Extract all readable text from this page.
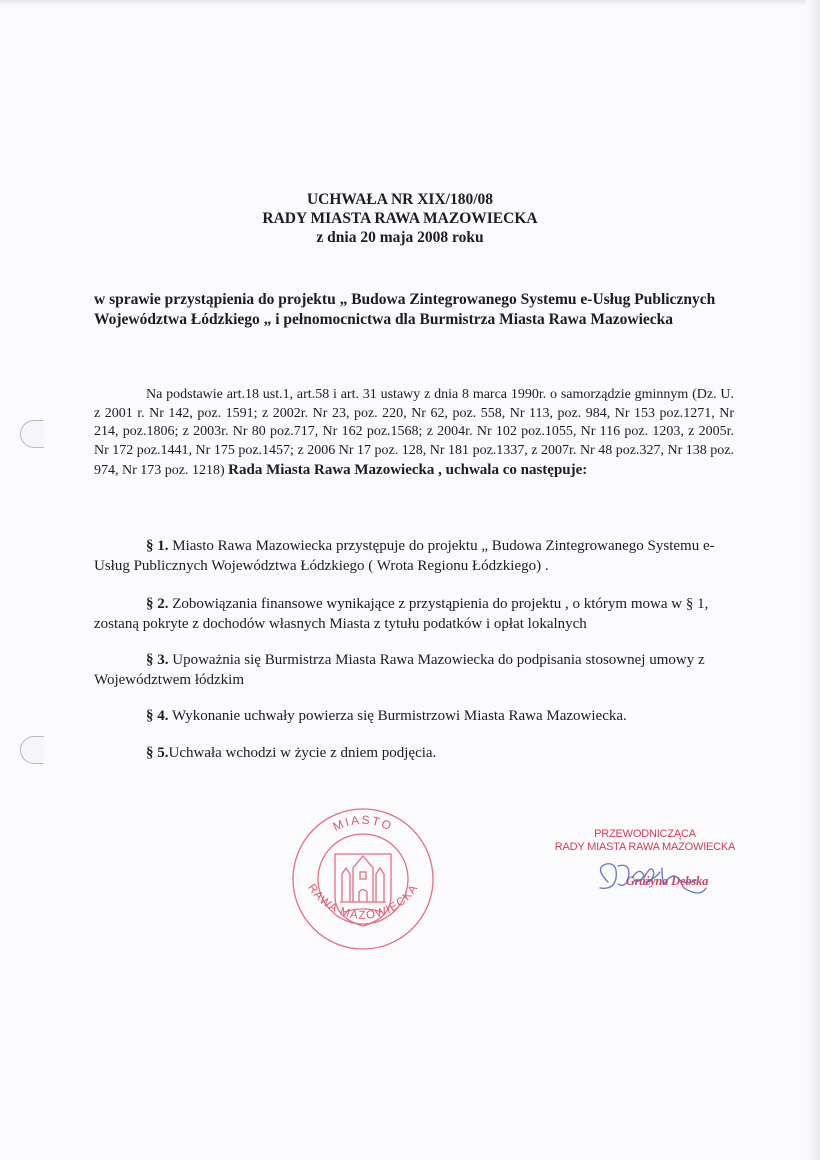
UCHWAŁA NR XIX/180/08
RADY MIASTA RAWA MAZOWIECKA
z dnia 20 maja 2008 roku
w sprawie przystąpienia do projektu „ Budowa Zintegrowanego Systemu e-Usług Publicznych Województwa Łódzkiego „ i pełnomocnictwa dla Burmistrza Miasta Rawa Mazowiecka
Na podstawie art.18 ust.1, art.58 i art. 31 ustawy z dnia 8 marca 1990r. o samorządzie gminnym (Dz. U. z 2001 r. Nr 142, poz. 1591; z 2002r. Nr 23, poz. 220, Nr 62, poz. 558, Nr 113, poz. 984, Nr 153 poz.1271, Nr 214, poz.1806; z 2003r. Nr 80 poz.717, Nr 162 poz.1568; z 2004r. Nr 102 poz.1055, Nr 116 poz. 1203, z 2005r. Nr 172 poz.1441, Nr 175 poz.1457; z 2006 Nr 17 poz. 128, Nr 181 poz.1337, z 2007r. Nr 48 poz.327, Nr 138 poz. 974, Nr 173 poz. 1218) Rada Miasta Rawa Mazowiecka , uchwala co następuje:
§ 1. Miasto Rawa Mazowiecka przystępuje do projektu „ Budowa Zintegrowanego Systemu e- Usług Publicznych Województwa Łódzkiego ( Wrota Regionu Łódzkiego) .
§ 2. Zobowiązania finansowe wynikające z przystąpienia do projektu , o którym mowa w § 1, zostaną pokryte z dochodów własnych Miasta z tytułu podatków i opłat lokalnych
§ 3. Upoważnia się Burmistrza Miasta Rawa Mazowiecka do podpisania stosownej umowy z Województwem łódzkim
§ 4. Wykonanie uchwały powierza się Burmistrzowi Miasta Rawa Mazowiecka.
§ 5.Uchwała wchodzi w życie z dniem podjęcia.
MIASTO
RAWA MAZOWIECKA
PRZEWODNICZĄCA
RADY MIASTA RAWA MAZOWIECKA
Grażyna Dębska
